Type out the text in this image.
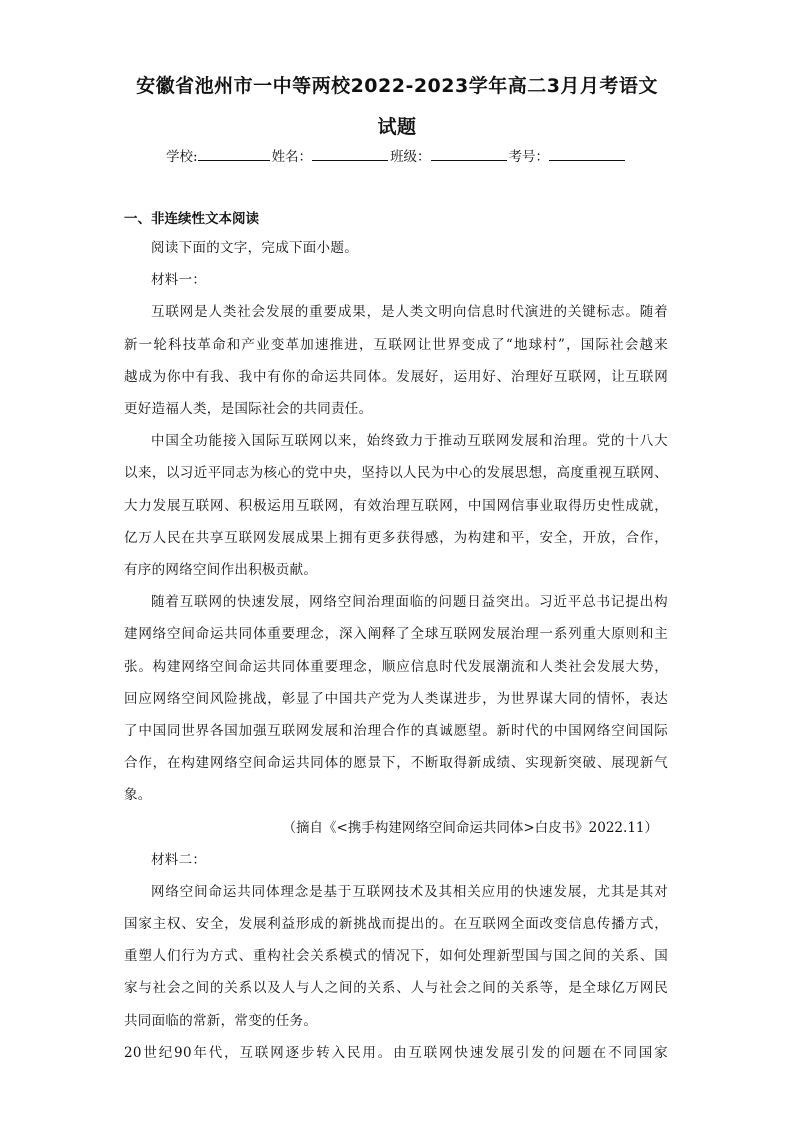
安徽省池州市一中等两校2022-2023学年高二3月月考语文
试题
学校:	姓名：	班级：	考号：
一、非连续性文本阅读

阅读下面的文字，完成下面小题。

材料一：

互联网是人类社会发展的重要成果，是人类文明向信息时代演进的关键标志。随着

新一轮科技革命和产业变革加速推进，互联网让世界变成了“地球村”，国际社会越来

越成为你中有我、我中有你的命运共同体。发展好，运用好、治理好互联网，让互联网

更好造福人类，是国际社会的共同责任。

中国全功能接入国际互联网以来，始终致力于推动互联网发展和治理。党的十八大

以来，以习近平同志为核心的党中央，坚持以人民为中心的发展思想，高度重视互联网、

大力发展互联网、积极运用互联网，有效治理互联网，中国网信事业取得历史性成就，

亿万人民在共享互联网发展成果上拥有更多获得感，为构建和平，安全，开放，合作，

有序的网络空间作出积极贡献。

随着互联网的快速发展，网络空间治理面临的问题日益突出。习近平总书记提出构

建网络空间命运共同体重要理念，深入阐释了全球互联网发展治理一系列重大原则和主

张。构建网络空间命运共同体重要理念，顺应信息时代发展潮流和人类社会发展大势，

回应网络空间风险挑战，彰显了中国共产党为人类谋进步，为世界谋大同的情怀，表达

了中国同世界各国加强互联网发展和治理合作的真诚愿望。新时代的中国网络空间国际

合作，在构建网络空间命运共同体的愿景下，不断取得新成绩、实现新突破、展现新气

象。

（摘自《<携手构建网络空间命运共同体>白皮书》2022.11）

材料二：

网络空间命运共同体理念是基于互联网技术及其相关应用的快速发展，尤其是其对

国家主权、安全，发展利益形成的新挑战而提出的。在互联网全面改变信息传播方式，

重塑人们行为方式、重构社会关系模式的情况下，如何处理新型国与国之间的关系、国

家与社会之间的关系以及人与人之间的关系、人与社会之间的关系等，是全球亿万网民

共同面临的常新，常变的任务。

20世纪90年代，互联网逐步转入民用。由互联网快速发展引发的问题在不同国家
